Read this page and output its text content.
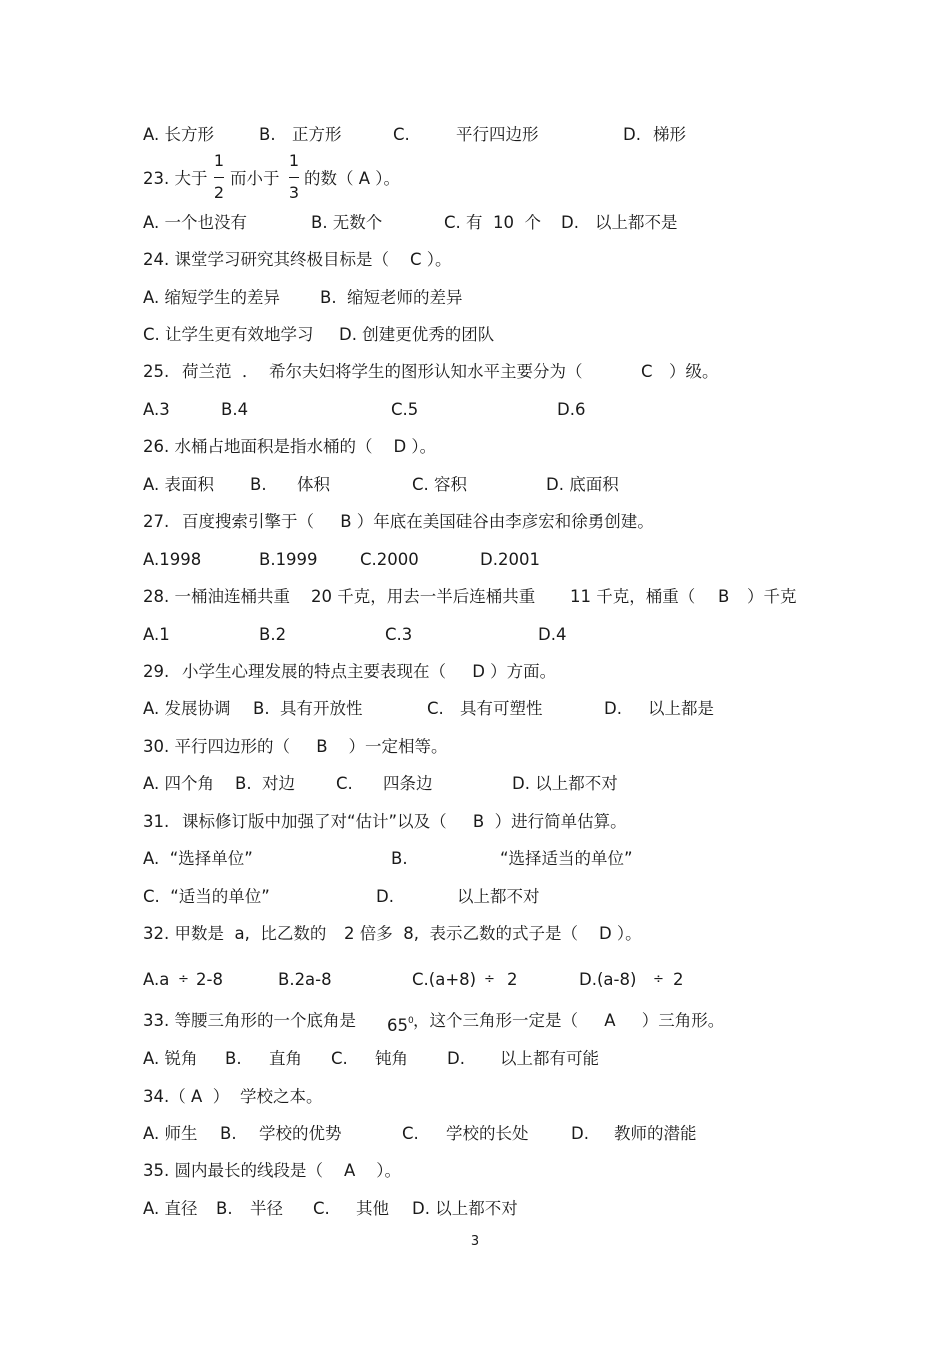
A. 长方形	B. 正方形	C.	平行四边形	D. 梯形
23. 大于
1
2
而小于
1
3
的数（ A ）。
A. 一个也没有	B. 无数个	C. 有  10  个 D. 以上都不是
24. 课堂学习研究其终极目标是（    C ）。
A. 缩短学生的差异 B.  缩短老师的差异
C. 让学生更有效地学习 D. 创建更优秀的团队
25. 荷兰范  ．  希尔夫妇将学生的图形认知水平主要分为（	C ）级。
A.3	B.4	C.5	D.6
26. 水桶占地面积是指水桶的（    D ）。
A. 表面积 B. 体积	C. 容积	D. 底面积
27. 百度搜索引擎于（     B ）年底在美国硅谷由李彦宏和徐勇创建。
A.1998	B.1999	C.2000	D.2001
28. 一桶油连桶共重 20 千克，用去一半后连桶共重 11 千克，桶重（ B ）千克
A.1	B.2	C.3	D.4
29. 小学生心理发展的特点主要表现在（     D ）方面。
A. 发展协调 B.  具有开放性	C. 具有可塑性	D. 以上都是
30. 平行四边形的（     B    ）一定相等。
A. 四个角 B.  对边 C. 四条边	D. 以上都不对
31. 课标修订版中加强了对“估计”以及（     B  ）进行简单估算。
A.  “选择单位”	B.	“选择适当的单位”
C.  “适当的单位”	D.	以上都不对
32. 甲数是  a,  比乙数的 2 倍多  8,  表示乙数的式子是（    D ）。
A.a ÷ 2-8	B.2a-8	C.(a+8) ÷ 2	D.(a-8) ÷ 2
33. 等腰三角形的一个底角是 $65^0$ ，这个三角形一定是（     A     ）三角形。
A. 锐角 B. 直角 C. 钝角 D. 以上都有可能
34.（ A  ） 学校之本。
A. 师生 B. 学校的优势	C. 学校的长处	D. 教师的潜能
35. 圆内最长的线段是（    A    ）。
A. 直径 B. 半径 C. 其他 D. 以上都不对
3
